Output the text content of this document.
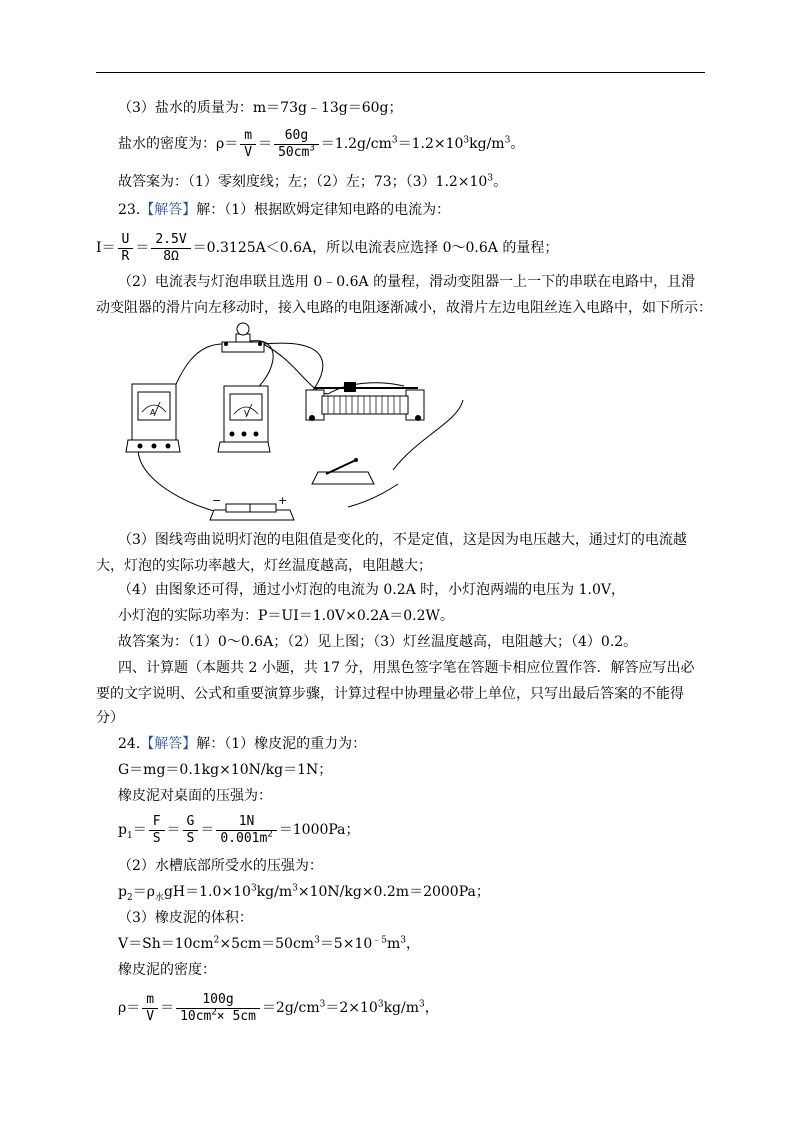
（3）盐水的质量为：m＝73g﹣13g＝60g；
盐水的密度为：$\rho= \frac{m}{V} = \frac{60g}{50cm^3} =1.2g/cm^3=1.2\times 10^3kg/m^3$。
故答案为：（1）零刻度线；左；（2）左；73；$(3)1.2\times 10^3$。
23.【解答】解：（1）根据欧姆定律知电路的电流为：
$I= \frac{U}{R} = \frac{2.5V}{8\Omega} =0.3125A<0.6A$，所以电流表应选择 0～0.6A 的量程；
（2）电流表与灯泡串联且选用 0﹣0.6A 的量程，滑动变阻器一上一下的串联在电路中，且滑
动变阻器的滑片向左移动时，接入电路的电阻逐渐减小，故滑片左边电阻丝连入电路中，如下所示：
A	V
−	+
（3）图线弯曲说明灯泡的电阻值是变化的，不是定值，这是因为电压越大，通过灯的电流越
大，灯泡的实际功率越大，灯丝温度越高，电阻越大；
（4）由图象还可得，通过小灯泡的电流为 0.2A 时，小灯泡两端的电压为 1.0V，
小灯泡的实际功率为：P＝UI＝1.0V×0.2A＝0.2W。
故答案为：（1）0～0.6A；（2）见上图；（3）灯丝温度越高，电阻越大；（4）0.2。
四、计算题（本题共 2 小题，共 17 分，用黑色签字笔在答题卡相应位置作答．解答应写出必
要的文字说明、公式和重要演算步骤，计算过程中协理量必带上单位，只写出最后答案的不能得
分）
24.【解答】解：（1）橡皮泥的重力为：
G＝mg＝0.1kg×10N/kg＝1N；
橡皮泥对桌面的压强为：
$p_1= \frac{F}{S} = \frac{G}{S} = \frac{1N}{0.001m^2} =1000Pa$；
（2）水槽底部所受水的压强为：
$p_2=\rho_水gH=1.0\times 10^3kg/m^3\times 10N/kg\times 0.2m=2000Pa$；
（3）橡皮泥的体积：
$V=Sh=10cm^2\times 5cm=50cm^3=5\times 10^{﹣5}m^3$，
橡皮泥的密度：
$\rho= \frac{m}{V} = \frac{100g}{10cm^2\times 5cm} =2g/cm^3=2\times 10^3kg/m^3$，
